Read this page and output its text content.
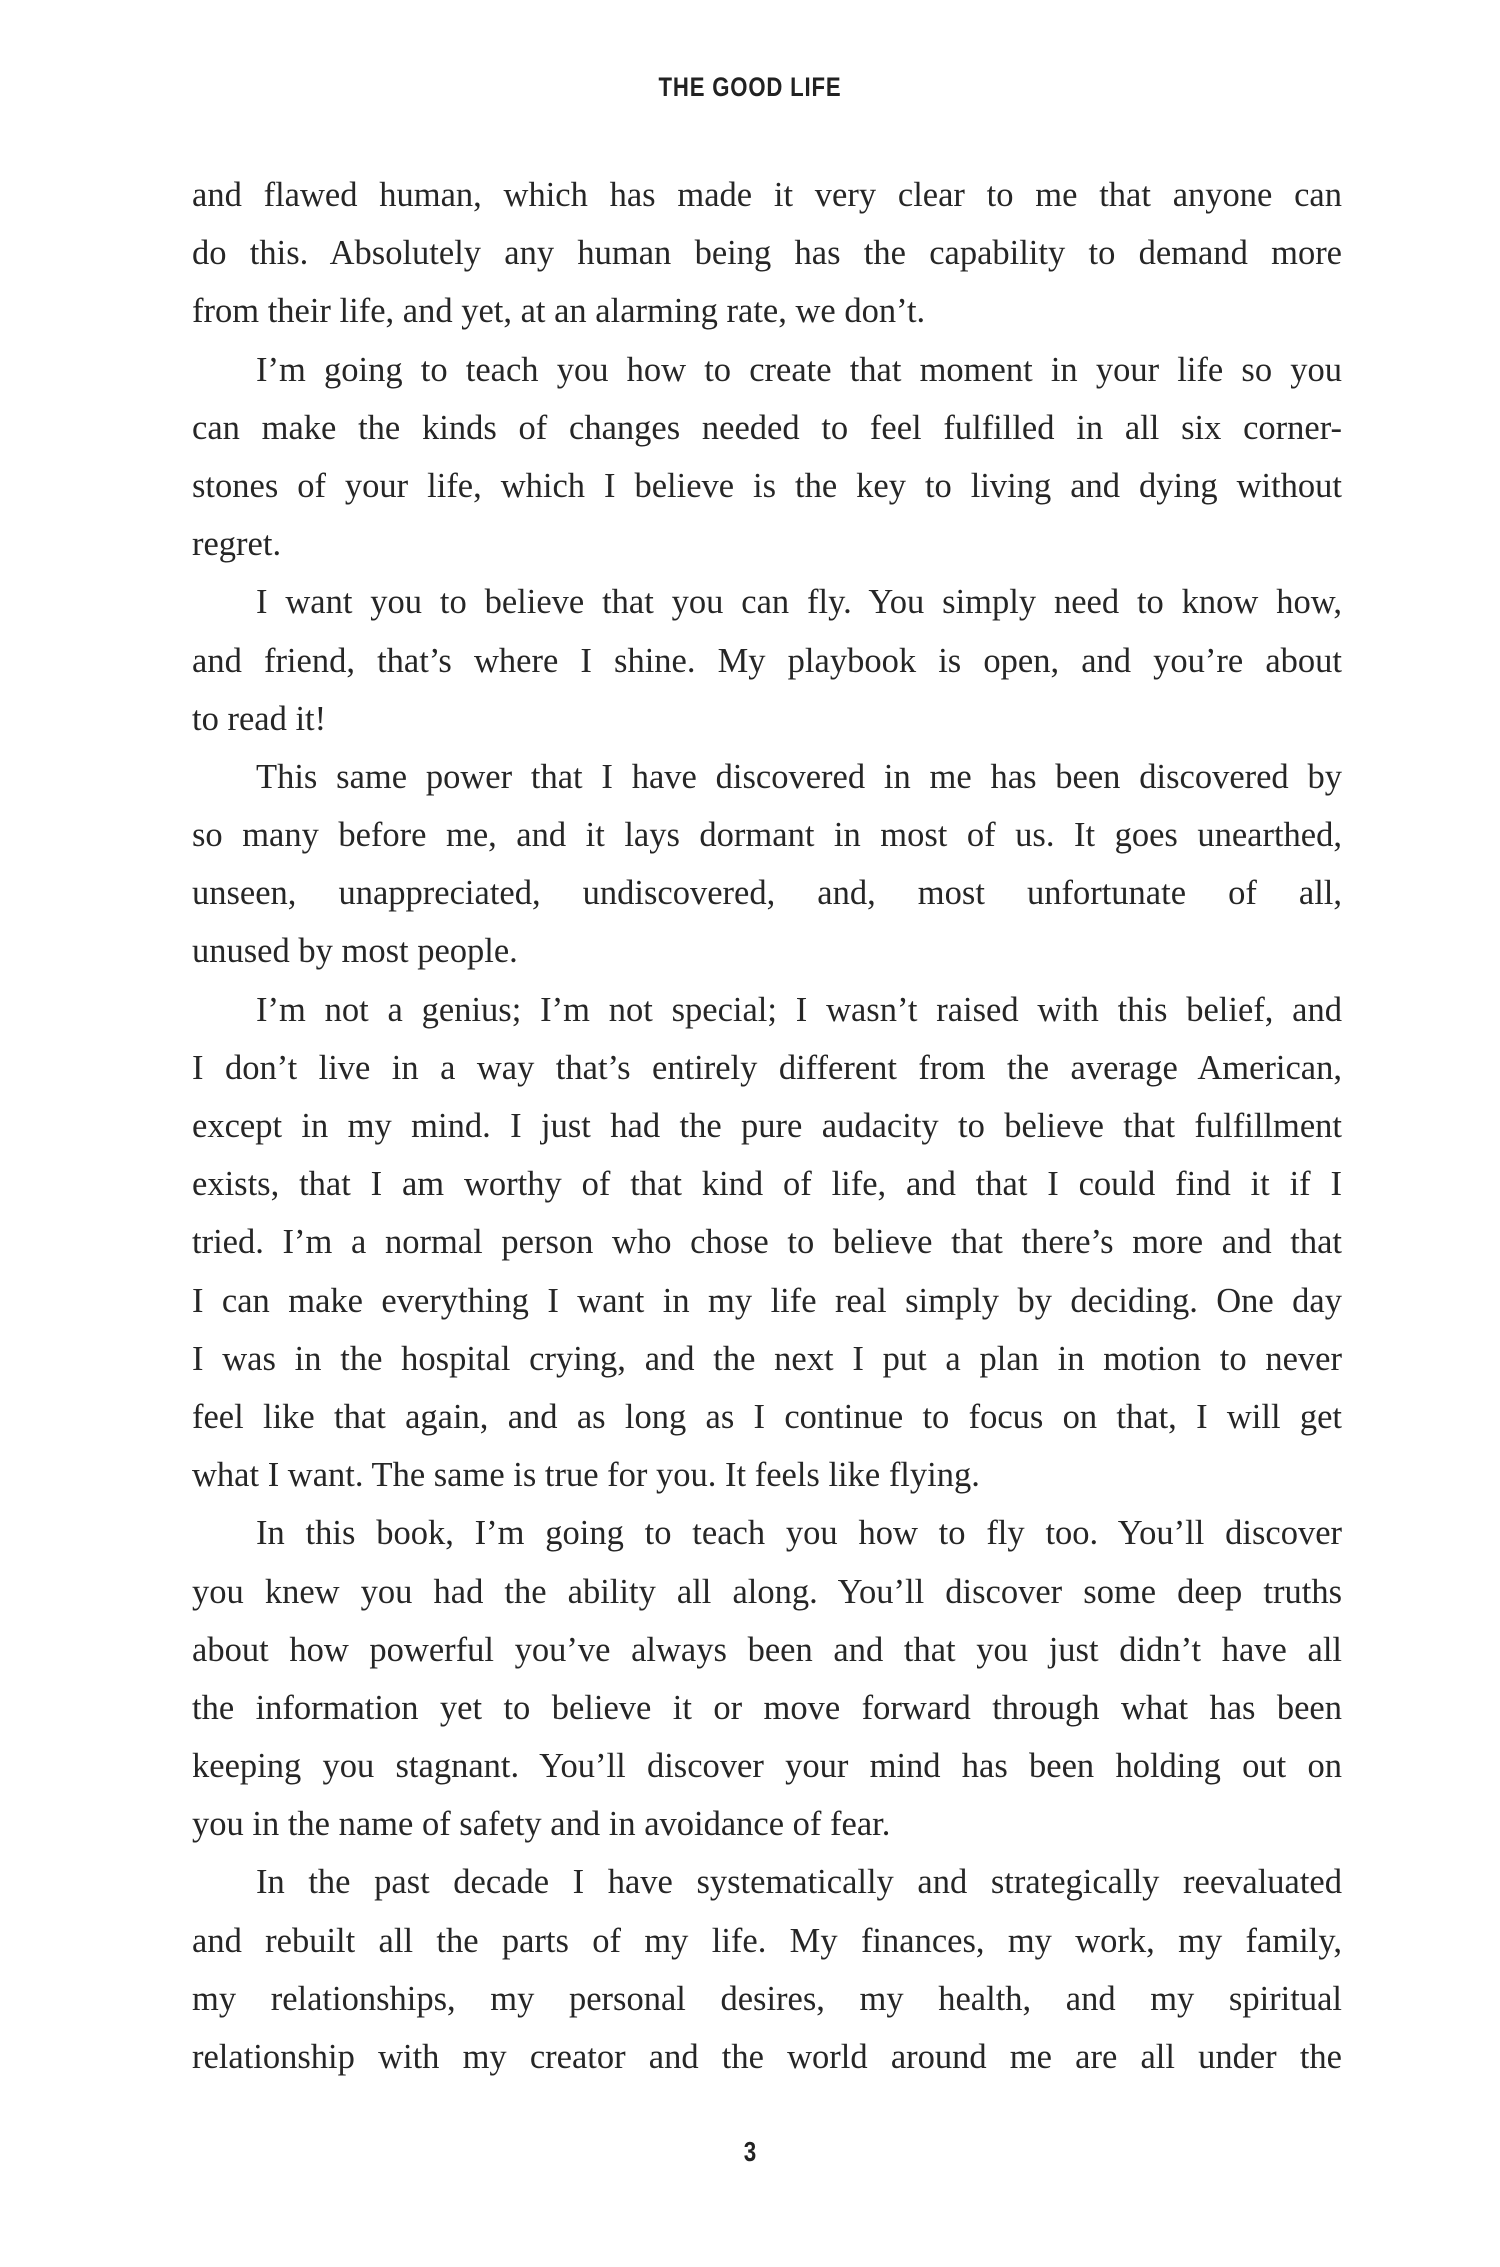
THE GOOD LIFE
and flawed human, which has made it very clear to me that anyone can
do this. Absolutely any human being has the capability to demand more
from their life, and yet, at an alarming rate, we don’t.
I’m going to teach you how to create that moment in your life so you
can make the kinds of changes needed to feel fulfilled in all six corner-
stones of your life, which I believe is the key to living and dying without
regret.
I want you to believe that you can fly. You simply need to know how,
and friend, that’s where I shine. My playbook is open, and you’re about
to read it!
This same power that I have discovered in me has been discovered by
so many before me, and it lays dormant in most of us. It goes unearthed,
unseen, unappreciated, undiscovered, and, most unfortunate of all,
unused by most people.
I’m not a genius; I’m not special; I wasn’t raised with this belief, and
I don’t live in a way that’s entirely different from the average American,
except in my mind. I just had the pure audacity to believe that fulfillment
exists, that I am worthy of that kind of life, and that I could find it if I
tried. I’m a normal person who chose to believe that there’s more and that
I can make everything I want in my life real simply by deciding. One day
I was in the hospital crying, and the next I put a plan in motion to never
feel like that again, and as long as I continue to focus on that, I will get
what I want. The same is true for you. It feels like flying.
In this book, I’m going to teach you how to fly too. You’ll discover
you knew you had the ability all along. You’ll discover some deep truths
about how powerful you’ve always been and that you just didn’t have all
the information yet to believe it or move forward through what has been
keeping you stagnant. You’ll discover your mind has been holding out on
you in the name of safety and in avoidance of fear.
In the past decade I have systematically and strategically reevaluated
and rebuilt all the parts of my life. My finances, my work, my family,
my relationships, my personal desires, my health, and my spiritual
relationship with my creator and the world around me are all under the
3
